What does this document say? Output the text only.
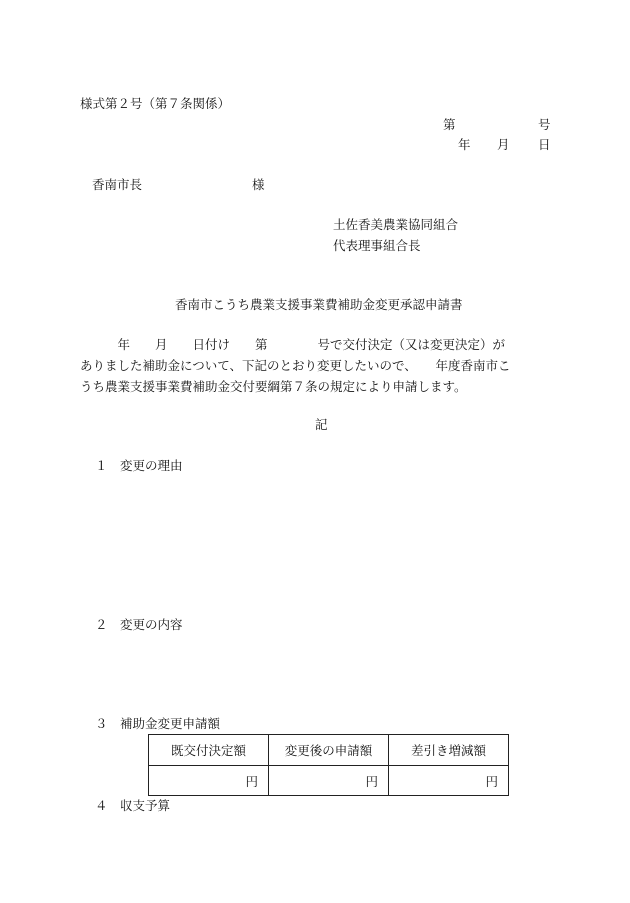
様式第２号（第７条関係）
第	号
年 月 日
香南市長	様
土佐香美農業協同組合
代表理事組合長
香南市こうち農業支援事業費補助金変更承認申請書
　　　年　　月　　日付け　　第　　　　号で交付決定（又は変更決定）が
ありました補助金について、下記のとおり変更したいので、　　年度香南市こ
うち農業支援事業費補助金交付要綱第７条の規定により申請します。
記
１　変更の理由
２　変更の内容
３　補助金変更申請額
既交付決定額	変更後の申請額	差引き増減額
円	円	円
４　収支予算
